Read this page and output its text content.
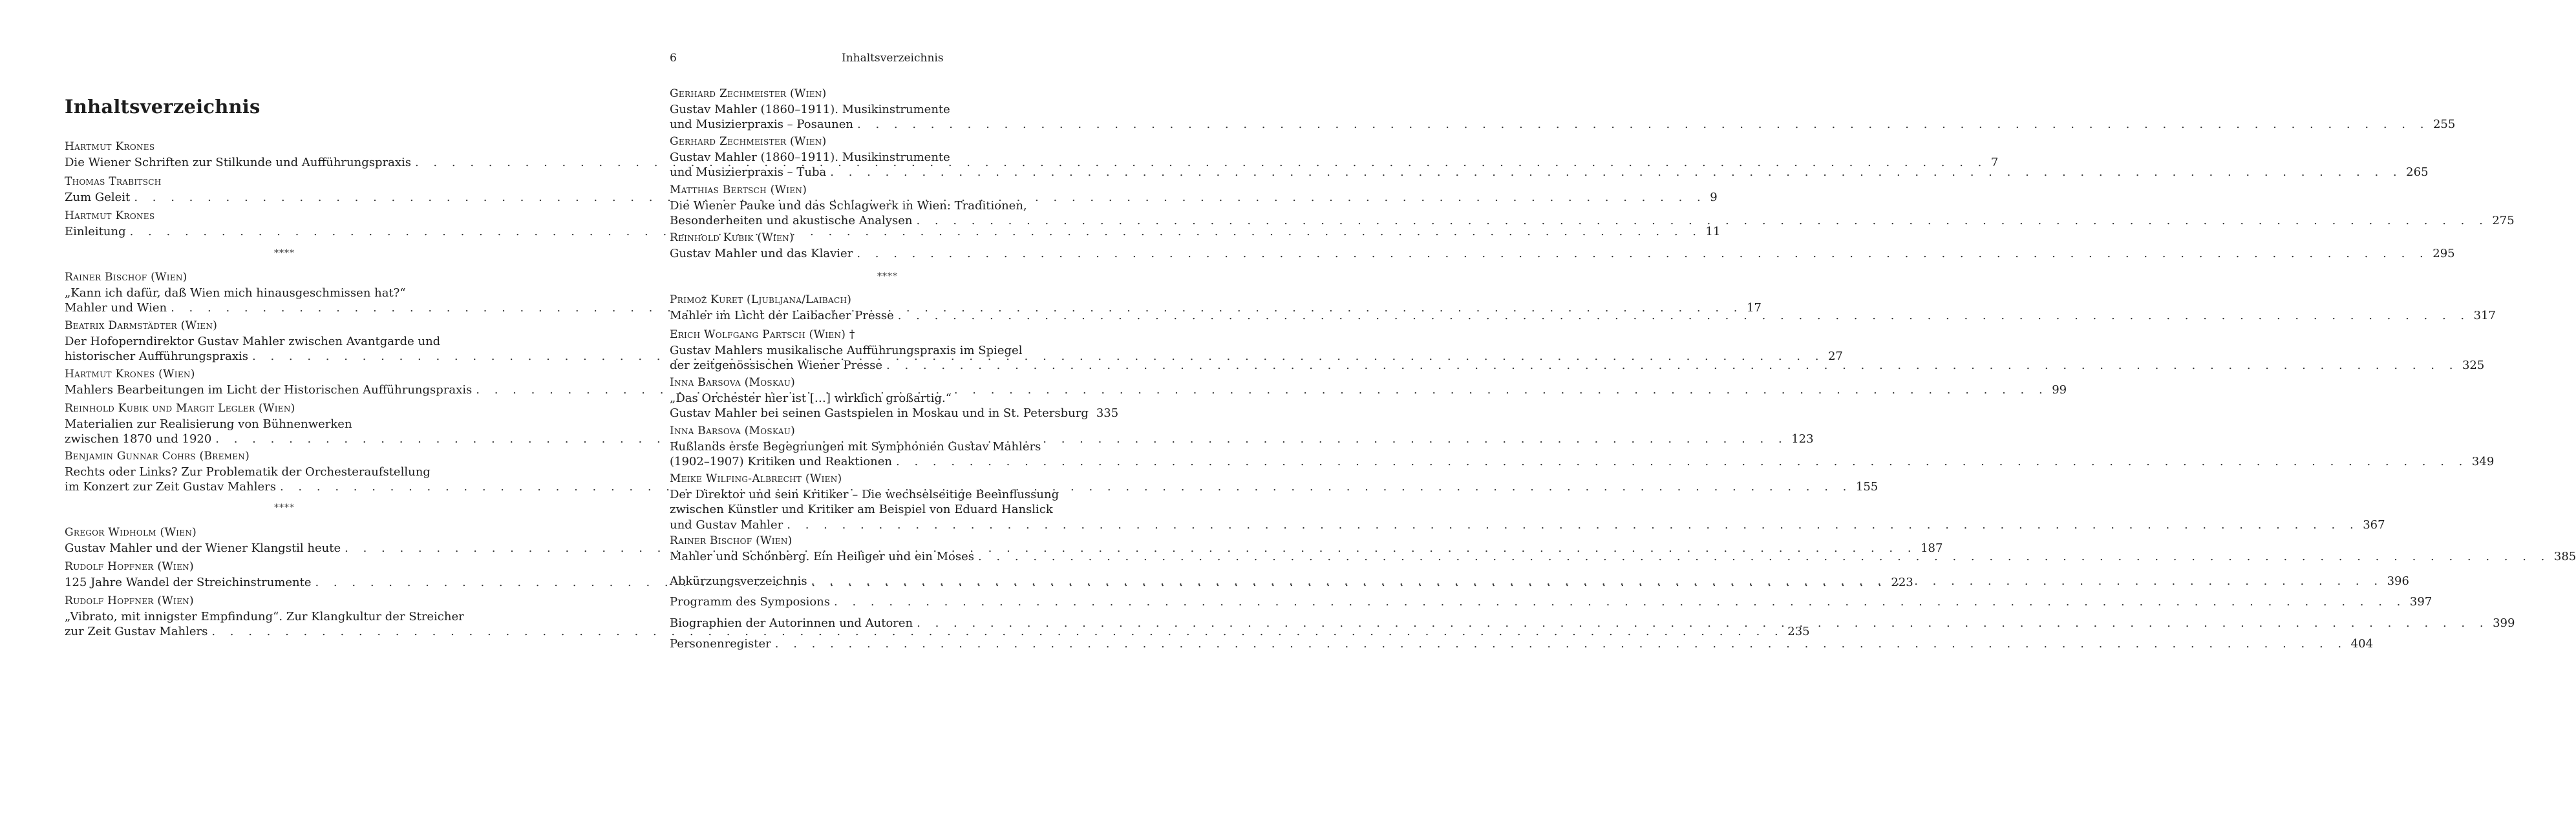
Inhaltsverzeichnis
Hartmut Krones
Die Wiener Schriften zur Stilkunde und Aufführungspraxis . . .	7
Thomas Trabitsch
Zum Geleit . . .	9
Hartmut Krones
Einleitung . . .	11
Rainer Bischof (Wien)
„Kann ich dafür, daß Wien mich hinausgeschmissen hat?“
Mahler und Wien . . .	17
Beatrix Darmstädter (Wien)
Der Hofoperndirektor Gustav Mahler zwischen Avantgarde und
historischer Aufführungspraxis . . .	27
Hartmut Krones (Wien)
Mahlers Bearbeitungen im Licht der Historischen Aufführungspraxis . . .	99
Reinhold Kubik und Margit Legler (Wien)
Materialien zur Realisierung von Bühnenwerken
zwischen 1870 und 1920 . . .	123
Benjamin Gunnar Cohrs (Bremen)
Rechts oder Links? Zur Problematik der Orchesteraufstellung
im Konzert zur Zeit Gustav Mahlers . . .	155
Gregor Widholm (Wien)
Gustav Mahler und der Wiener Klangstil heute . . .	187
Rudolf Hopfner (Wien)
125 Jahre Wandel der Streichinstrumente . . .	223
Rudolf Hopfner (Wien)
„Vibrato, mit innigster Empfindung“. Zur Klangkultur der Streicher
zur Zeit Gustav Mahlers . . .	235
****
****
6	Inhaltsverzeichnis
Gerhard Zechmeister (Wien)
Gustav Mahler (1860–1911). Musikinstrumente
und Musizierpraxis – Posaunen . . .	255
Gerhard Zechmeister (Wien)
Gustav Mahler (1860–1911). Musikinstrumente
und Musizierpraxis – Tuba . . .	265
Matthias Bertsch (Wien)
Die Wiener Pauke und das Schlagwerk in Wien: Traditionen,
Besonderheiten und akustische Analysen . . .	275
Reinhold Kubik (Wien)
Gustav Mahler und das Klavier . . .	295
Primož Kuret (Ljubljana/Laibach)
Mahler im Licht der Laibacher Presse . . .	317
Erich Wolfgang Partsch (Wien) †
Gustav Mahlers musikalische Aufführungspraxis im Spiegel
der zeitgenössischen Wiener Presse . . .	325
Inna Barsova (Moskau)
„Das Orchester hier ist […] wirklich großartig.“
Gustav Mahler bei seinen Gastspielen in Moskau und in St. Petersburg 335
Inna Barsova (Moskau)
Rußlands erste Begegnungen mit Symphonien Gustav Mahlers
(1902–1907) Kritiken und Reaktionen . . .	349
Meike Wilfing-Albrecht (Wien)
Der Direktor und sein Kritiker – Die wechselseitige Beeinflussung
zwischen Künstler und Kritiker am Beispiel von Eduard Hanslick
und Gustav Mahler . . .	367
Rainer Bischof (Wien)
Mahler und Schönberg. Ein Heiliger und ein Moses . . .	385
****
Abkürzungsverzeichnis . . .	396
Programm des Symposions . . .	397
Biographien der Autorinnen und Autoren . . .	399
Personenregister . . .	404
